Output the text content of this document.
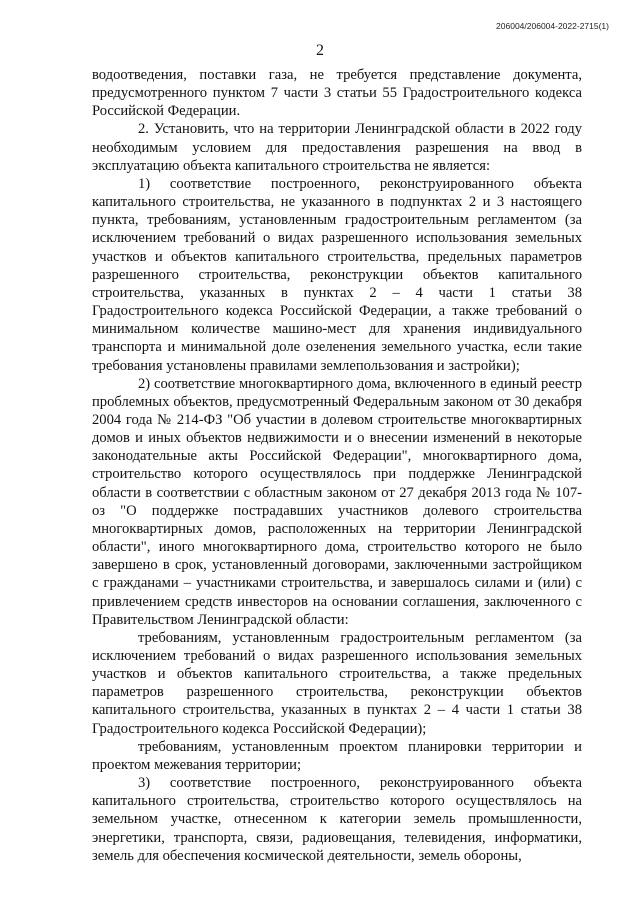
206004/206004-2022-2715(1)
2

водоотведения, поставки газа, не требуется представление документа, предусмотренного пунктом 7 части 3 статьи 55 Градостроительного кодекса Российской Федерации.

2. Установить, что на территории Ленинградской области в 2022 году необходимым условием для предоставления разрешения на ввод в эксплуатацию объекта капитального строительства не является:

1) соответствие построенного, реконструированного объекта капитального строительства, не указанного в подпунктах 2 и 3 настоящего пункта, требованиям, установленным градостроительным регламентом (за исключением требований о видах разрешенного использования земельных участков и объектов капитального строительства, предельных параметров разрешенного строительства, реконструкции объектов капитального строительства, указанных в пунктах 2 – 4 части 1 статьи 38 Градостроительного кодекса Российской Федерации, а также требований о минимальном количестве машино-мест для хранения индивидуального транспорта и минимальной доле озеленения земельного участка, если такие требования установлены правилами землепользования и застройки);

2) соответствие многоквартирного дома, включенного в единый реестр проблемных объектов, предусмотренный Федеральным законом от 30 декабря 2004 года № 214-ФЗ "Об участии в долевом строительстве многоквартирных домов и иных объектов недвижимости и о внесении изменений в некоторые законодательные акты Российской Федерации", многоквартирного дома, строительство которого осуществлялось при поддержке Ленинградской области в соответствии с областным законом от 27 декабря 2013 года № 107-оз "О поддержке пострадавших участников долевого строительства многоквартирных домов, расположенных на территории Ленинградской области", иного многоквартирного дома, строительство которого не было завершено в срок, установленный договорами, заключенными застройщиком с гражданами – участниками строительства, и завершалось силами и (или) с привлечением средств инвесторов на основании соглашения, заключенного с Правительством Ленинградской области:

требованиям, установленным градостроительным регламентом (за исключением требований о видах разрешенного использования земельных участков и объектов капитального строительства, а также предельных параметров разрешенного строительства, реконструкции объектов капитального строительства, указанных в пунктах 2 – 4 части 1 статьи 38 Градостроительного кодекса Российской Федерации);

требованиям, установленным проектом планировки территории и проектом межевания территории;

3) соответствие построенного, реконструированного объекта капитального строительства, строительство которого осуществлялось на земельном участке, отнесенном к категории земель промышленности, энергетики, транспорта, связи, радиовещания, телевидения, информатики, земель для обеспечения космической деятельности, земель обороны,
